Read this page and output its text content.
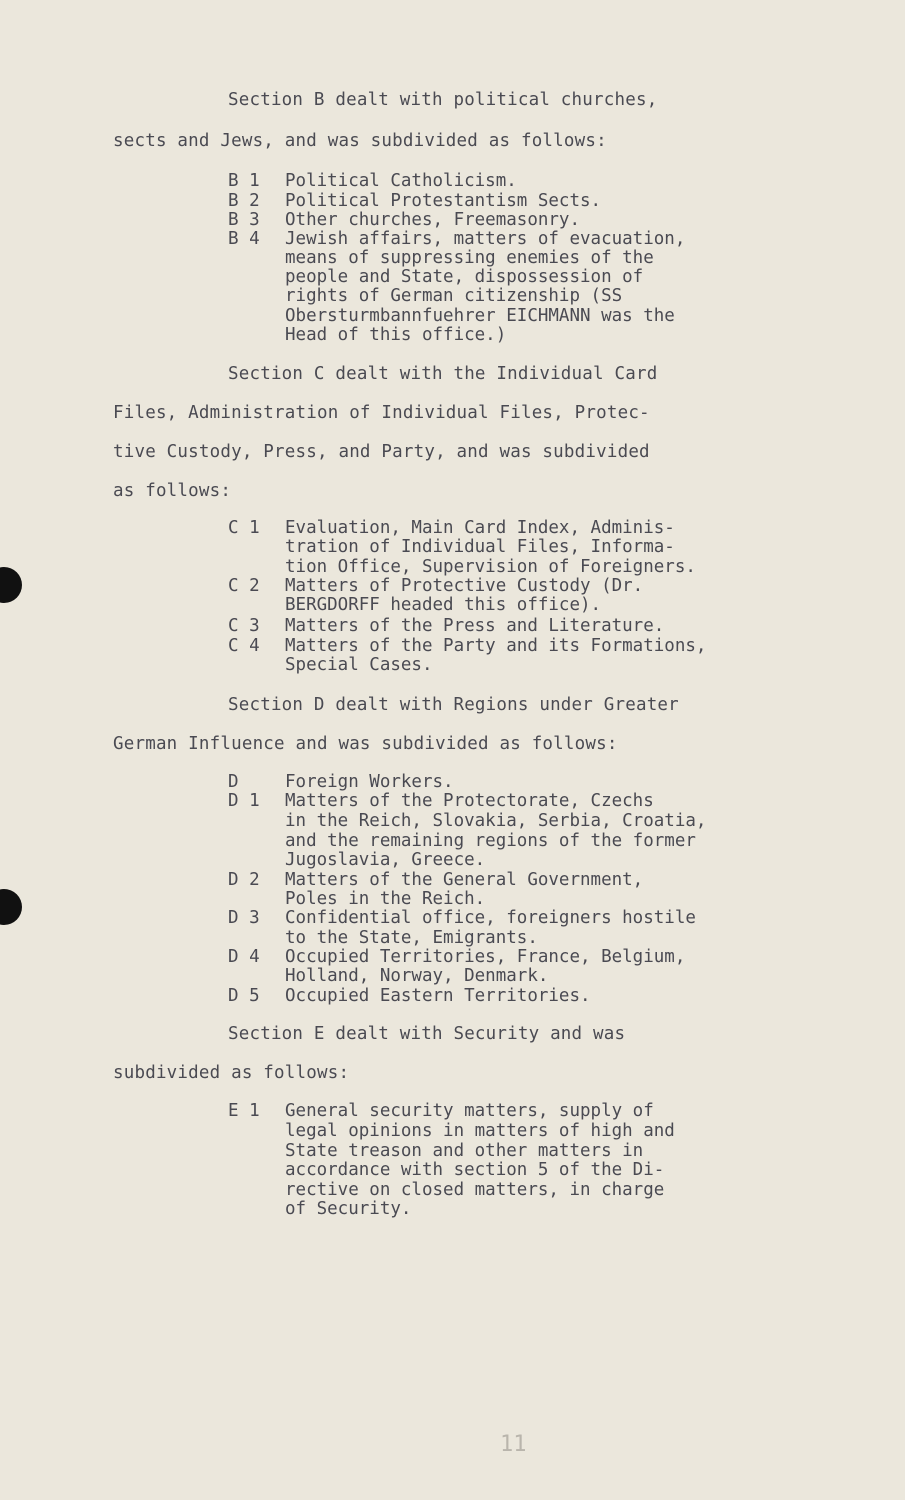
Section B dealt with political churches,
sects and Jews, and was subdivided as follows:
B 1 Political Catholicism.
B 2 Political Protestantism Sects.
B 3 Other churches, Freemasonry.
B 4 Jewish affairs, matters of evacuation,
means of suppressing enemies of the
people and State, dispossession of
rights of German citizenship (SS
Obersturmbannfuehrer EICHMANN was the
Head of this office.)
Section C dealt with the Individual Card
Files, Administration of Individual Files, Protec-
tive Custody, Press, and Party, and was subdivided
as follows:
C 1 Evaluation, Main Card Index, Adminis-
tration of Individual Files, Informa-
tion Office, Supervision of Foreigners.
C 2 Matters of Protective Custody (Dr.
BERGDORFF headed this office).
C 3 Matters of the Press and Literature.
C 4 Matters of the Party and its Formations,
Special Cases.
Section D dealt with Regions under Greater
German Influence and was subdivided as follows:
D	Foreign Workers.
D 1 Matters of the Protectorate, Czechs
in the Reich, Slovakia, Serbia, Croatia,
and the remaining regions of the former
Jugoslavia, Greece.
D 2 Matters of the General Government,
Poles in the Reich.
D 3 Confidential office, foreigners hostile
to the State, Emigrants.
D 4 Occupied Territories, France, Belgium,
Holland, Norway, Denmark.
D 5 Occupied Eastern Territories.
Section E dealt with Security and was
subdivided as follows:
E 1 General security matters, supply of
legal opinions in matters of high and
State treason and other matters in
accordance with section 5 of the Di-
rective on closed matters, in charge
of Security.
11
